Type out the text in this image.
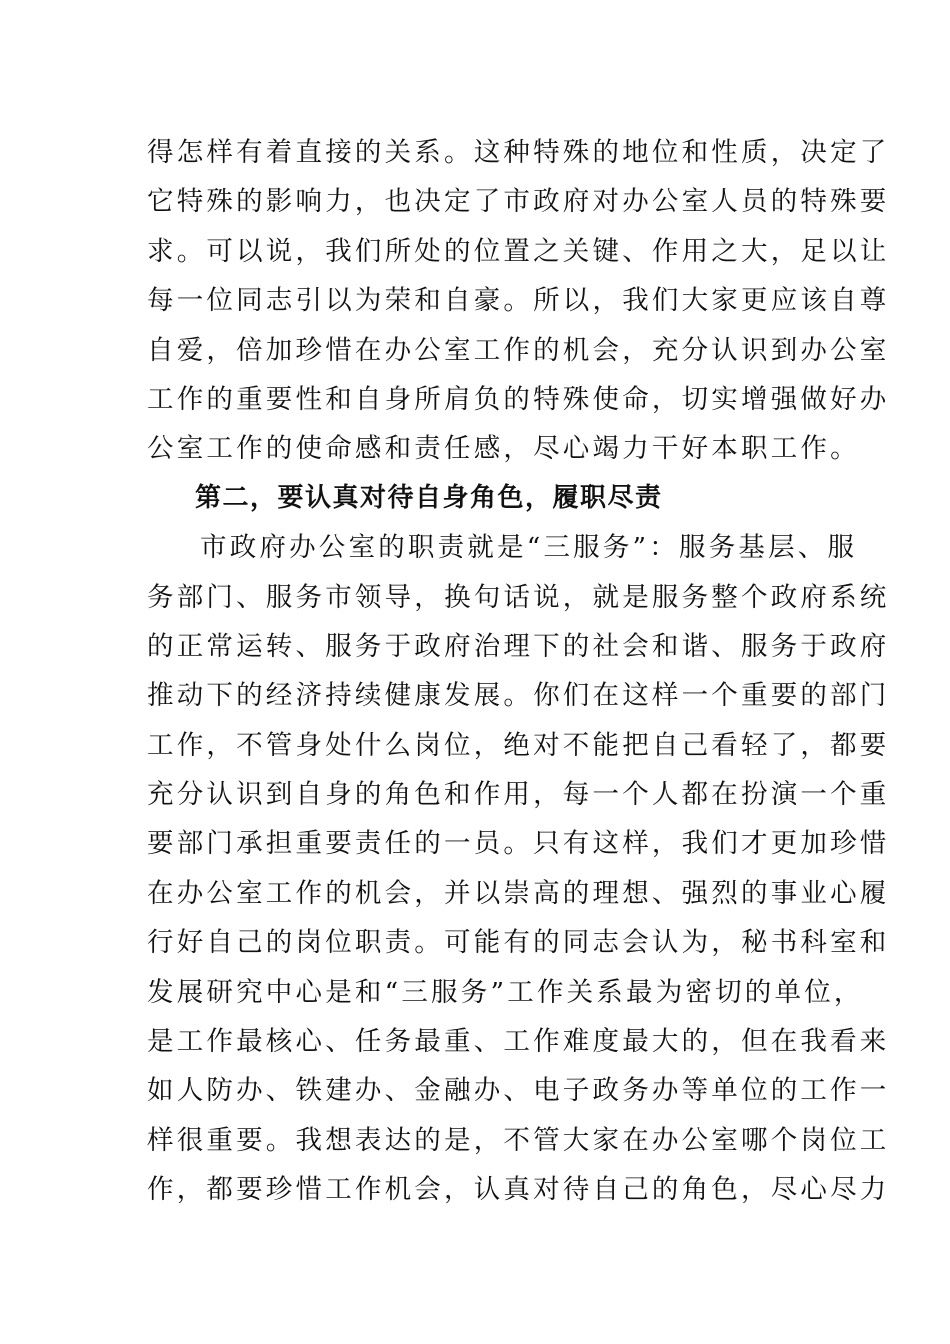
得怎样有着直接的关系。这种特殊的地位和性质，决定了
它特殊的影响力，也决定了市政府对办公室人员的特殊要
求。可以说，我们所处的位置之关键、作用之大，足以让
每一位同志引以为荣和自豪。所以，我们大家更应该自尊
自爱，倍加珍惜在办公室工作的机会，充分认识到办公室
工作的重要性和自身所肩负的特殊使命，切实增强做好办
公室工作的使命感和责任感，尽心竭力干好本职工作。
第二，要认真对待自身角色，履职尽责
市政府办公室的职责就是“三服务”：服务基层、服
务部门、服务市领导，换句话说，就是服务整个政府系统
的正常运转、服务于政府治理下的社会和谐、服务于政府
推动下的经济持续健康发展。你们在这样一个重要的部门
工作，不管身处什么岗位，绝对不能把自己看轻了，都要
充分认识到自身的角色和作用，每一个人都在扮演一个重
要部门承担重要责任的一员。只有这样，我们才更加珍惜
在办公室工作的机会，并以崇高的理想、强烈的事业心履
行好自己的岗位职责。可能有的同志会认为，秘书科室和
发展研究中心是和“三服务”工作关系最为密切的单位，
是工作最核心、任务最重、工作难度最大的，但在我看来
如人防办、铁建办、金融办、电子政务办等单位的工作一
样很重要。我想表达的是，不管大家在办公室哪个岗位工
作，都要珍惜工作机会，认真对待自己的角色，尽心尽力
